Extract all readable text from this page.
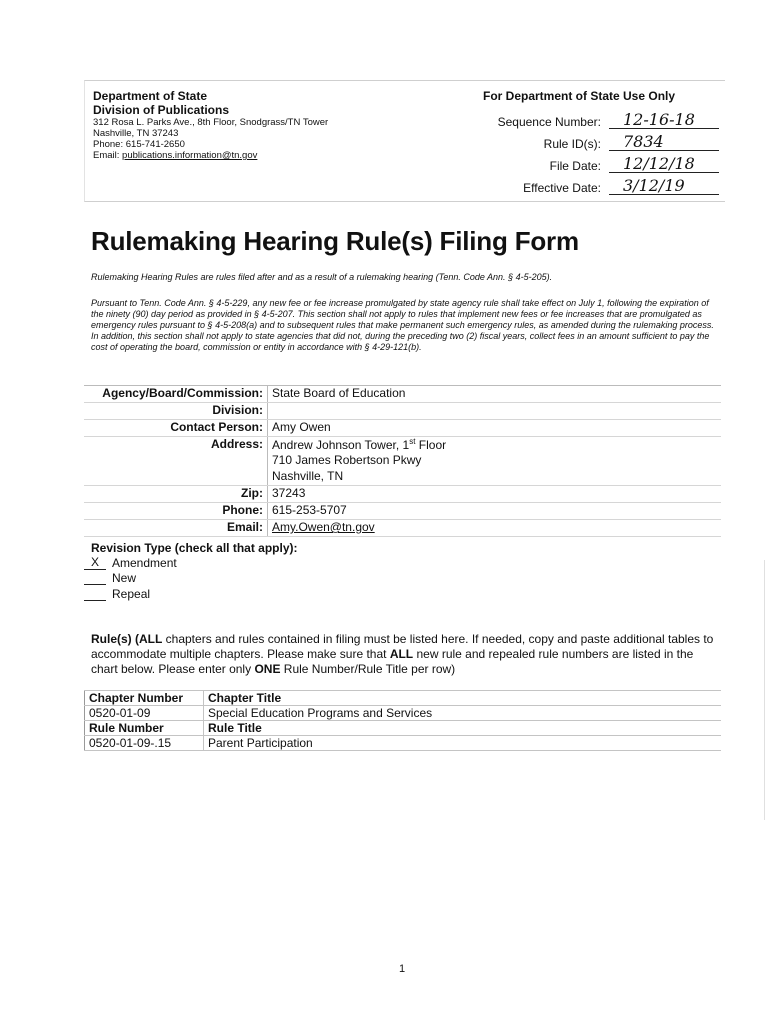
Department of State
Division of Publications
312 Rosa L. Parks Ave., 8th Floor, Snodgrass/TN Tower
Nashville, TN 37243
Phone: 615-741-2650
Email: publications.information@tn.gov
For Department of State Use Only
Sequence Number:	12-16-18
Rule ID(s):	7834
File Date:	12/12/18
Effective Date:	3/12/19
Rulemaking Hearing Rule(s) Filing Form
Rulemaking Hearing Rules are rules filed after and as a result of a rulemaking hearing (Tenn. Code Ann. § 4-5-205).
Pursuant to Tenn. Code Ann. § 4-5-229, any new fee or fee increase promulgated by state agency rule shall take effect on July 1, following the expiration of the ninety (90) day period as provided in § 4-5-207. This section shall not apply to rules that implement new fees or fee increases that are promulgated as emergency rules pursuant to § 4-5-208(a) and to subsequent rules that make permanent such emergency rules, as amended during the rulemaking process. In addition, this section shall not apply to state agencies that did not, during the preceding two (2) fiscal years, collect fees in an amount sufficient to pay the cost of operating the board, commission or entity in accordance with § 4-29-121(b).
Agency/Board/Commission:	State Board of Education
Division:	
Contact Person:	Amy Owen
Address:	Andrew Johnson Tower, 1st Floor
	710 James Robertson Pkwy
	Nashville, TN
Zip:	37243
Phone:	615-253-5707
Email:	Amy.Owen@tn.gov
Revision Type (check all that apply):
X Amendment
New
Repeal
Rule(s) (ALL chapters and rules contained in filing must be listed here. If needed, copy and paste additional tables to accommodate multiple chapters. Please make sure that ALL new rule and repealed rule numbers are listed in the chart below. Please enter only ONE Rule Number/Rule Title per row)
Chapter Number	Chapter Title
0520-01-09	Special Education Programs and Services
Rule Number	Rule Title
0520-01-09-.15	Parent Participation
1
